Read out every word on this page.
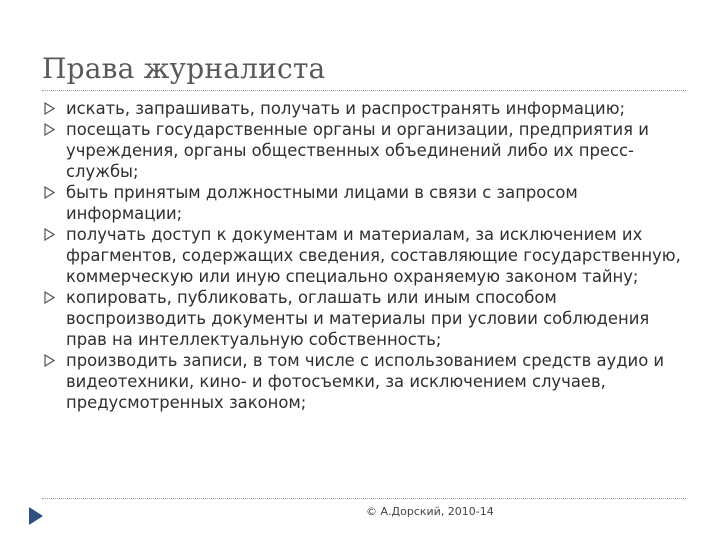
Права журналиста
искать, запрашивать, получать и распространять информацию;
посещать государственные органы и организации, предприятия и учреждения, органы общественных объединений либо их пресс-службы;
быть принятым должностными лицами в связи с запросом информации;
получать доступ к документам и материалам, за исключением их фрагментов, содержащих сведения, составляющие государственную, коммерческую или иную специально охраняемую законом тайну;
копировать, публиковать, оглашать или иным способом воспроизводить документы и материалы при условии соблюдения прав на интеллектуальную собственность;
производить записи, в том числе с использованием средств аудио и видеотехники, кино- и фотосъемки, за исключением случаев, предусмотренных законом;
© А.Дорский, 2010-14
